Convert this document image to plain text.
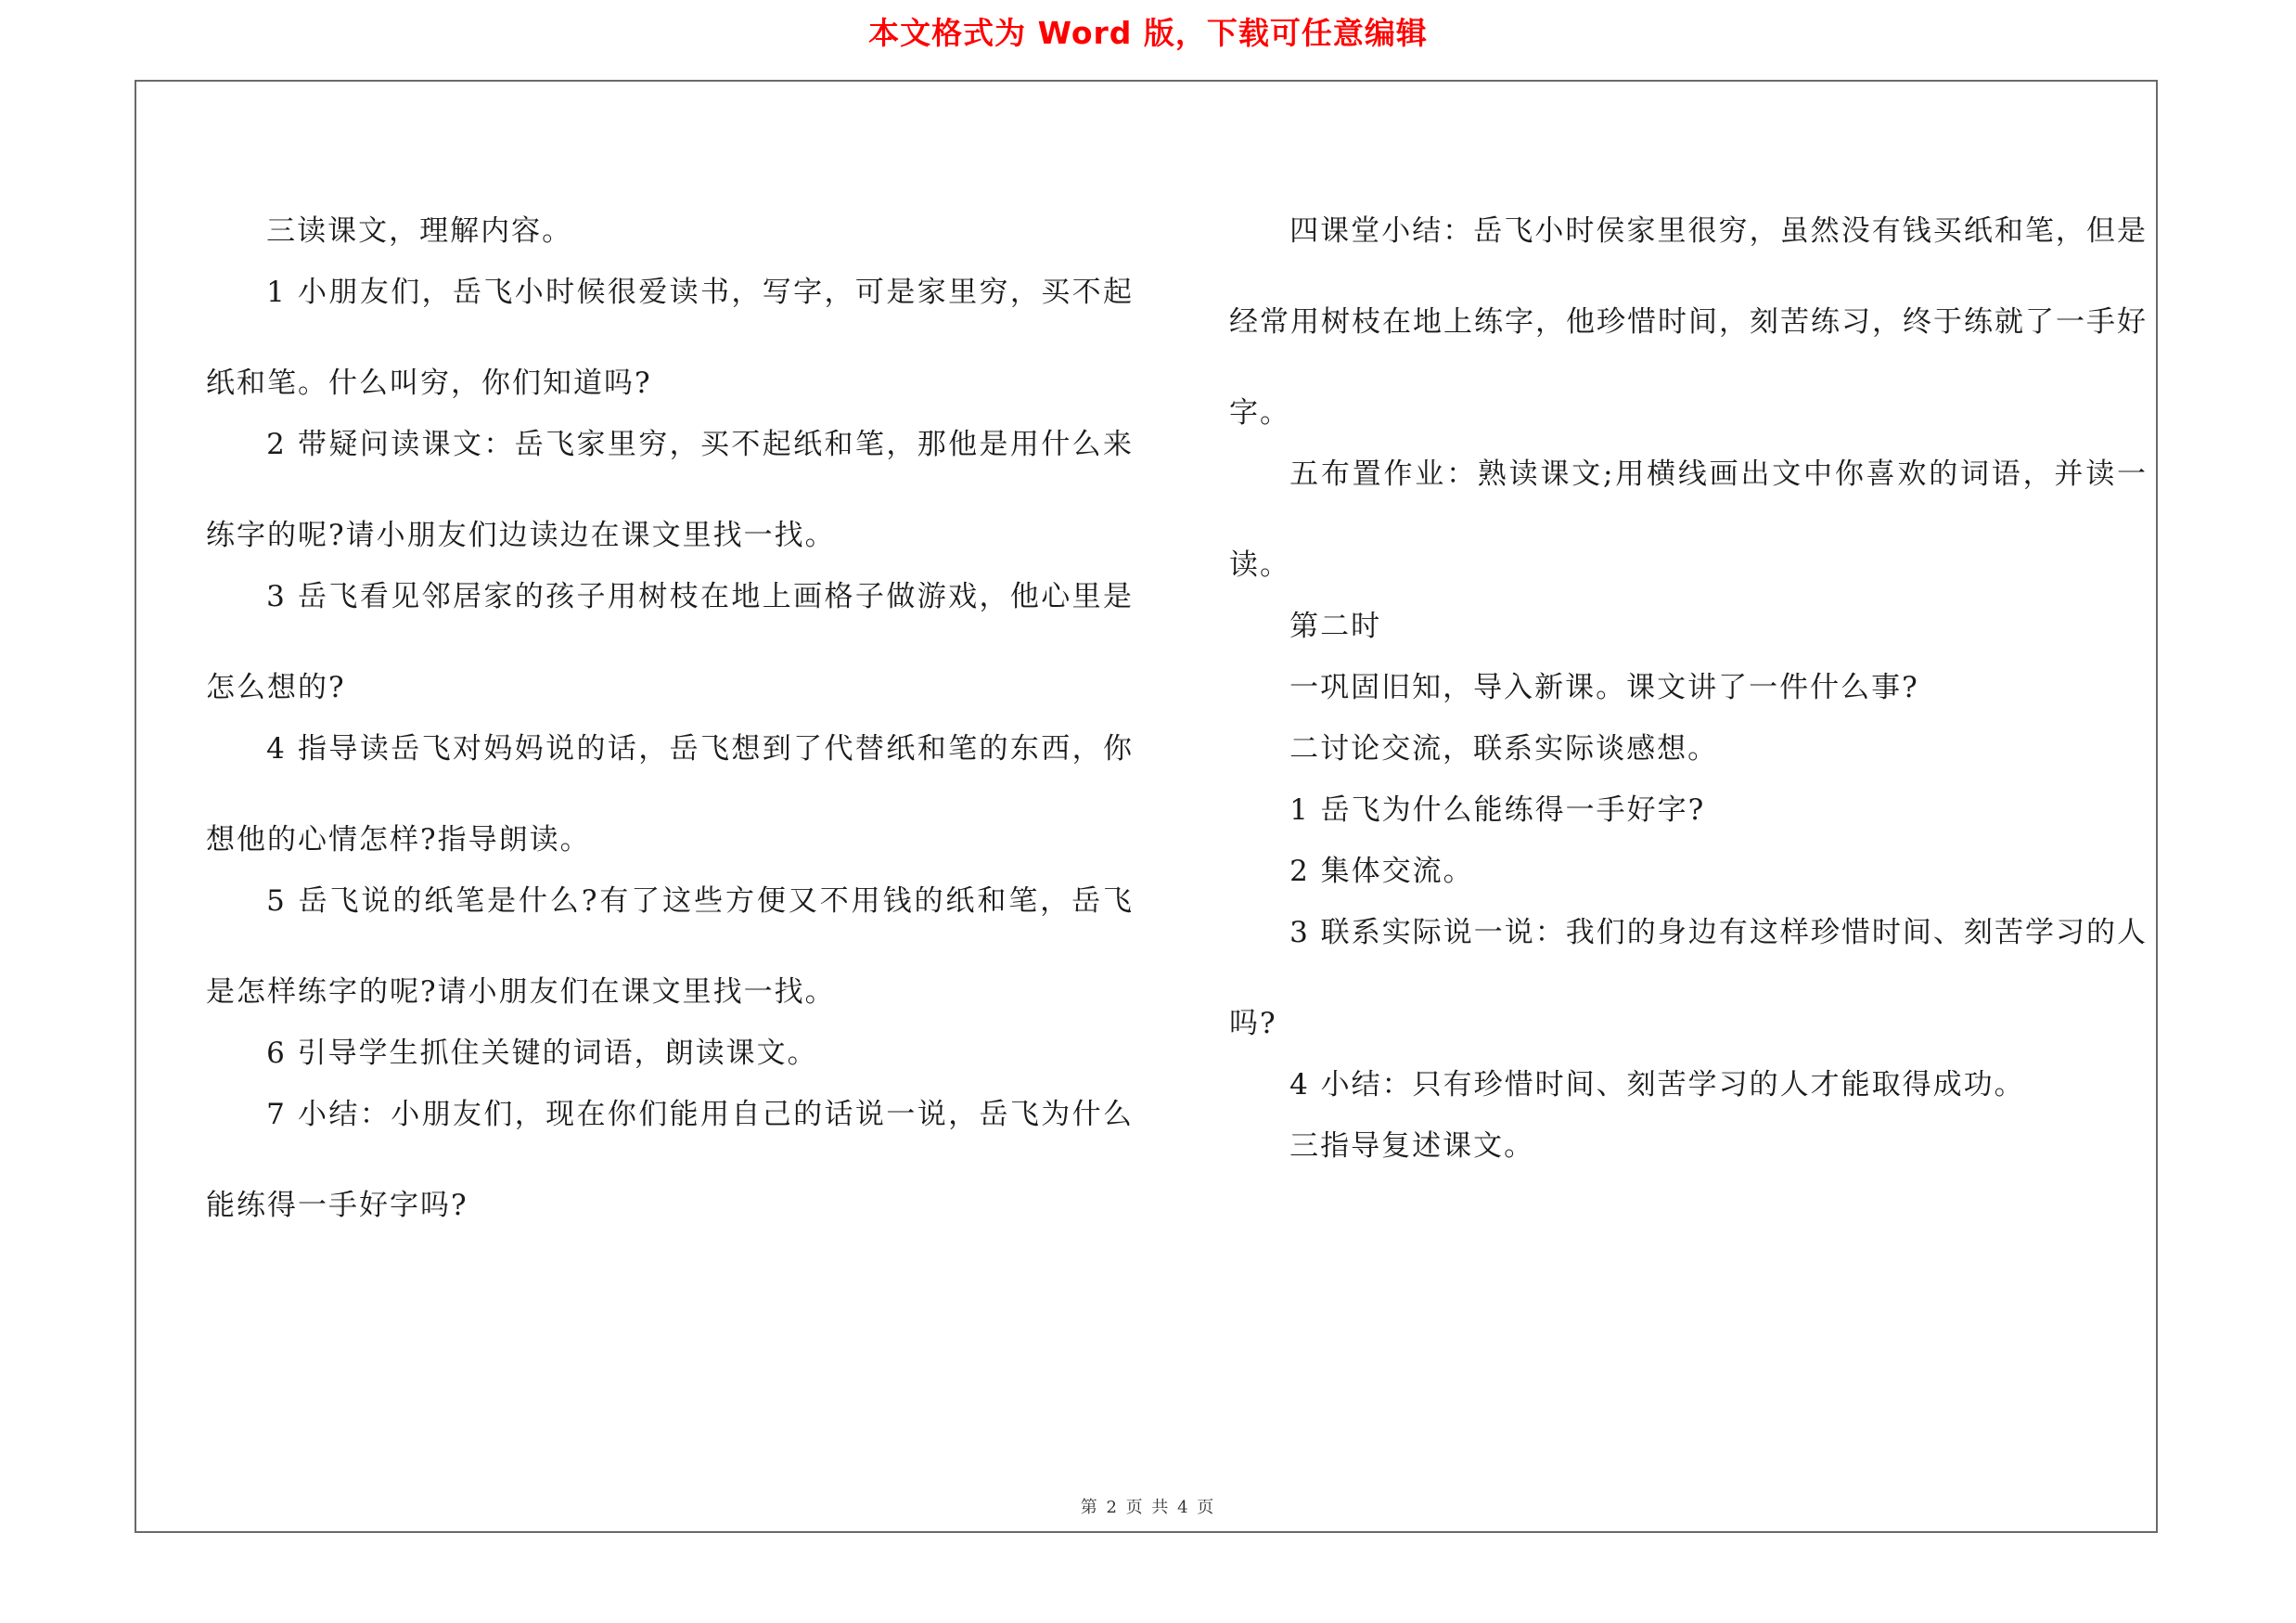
本文格式为 Word 版，下载可任意编辑

三读课文，理解内容。

1 小朋友们，岳飞小时候很爱读书，写字，可是家里穷，买不起纸和笔。什么叫穷，你们知道吗?

2 带疑问读课文：岳飞家里穷，买不起纸和笔，那他是用什么来练字的呢?请小朋友们边读边在课文里找一找。

3 岳飞看见邻居家的孩子用树枝在地上画格子做游戏，他心里是怎么想的?

4 指导读岳飞对妈妈说的话，岳飞想到了代替纸和笔的东西，你想他的心情怎样?指导朗读。

5 岳飞说的纸笔是什么?有了这些方便又不用钱的纸和笔，岳飞是怎样练字的呢?请小朋友们在课文里找一找。

6 引导学生抓住关键的词语，朗读课文。

7 小结：小朋友们，现在你们能用自己的话说一说，岳飞为什么能练得一手好字吗?

四课堂小结：岳飞小时侯家里很穷，虽然没有钱买纸和笔，但是经常用树枝在地上练字，他珍惜时间，刻苦练习，终于练就了一手好字。

五布置作业：熟读课文;用横线画出文中你喜欢的词语，并读一读。

第二时

一巩固旧知，导入新课。课文讲了一件什么事?

二讨论交流，联系实际谈感想。

1 岳飞为什么能练得一手好字?

2 集体交流。

3 联系实际说一说：我们的身边有这样珍惜时间、刻苦学习的人吗?

4 小结：只有珍惜时间、刻苦学习的人才能取得成功。

三指导复述课文。

第 2 页 共 4 页
